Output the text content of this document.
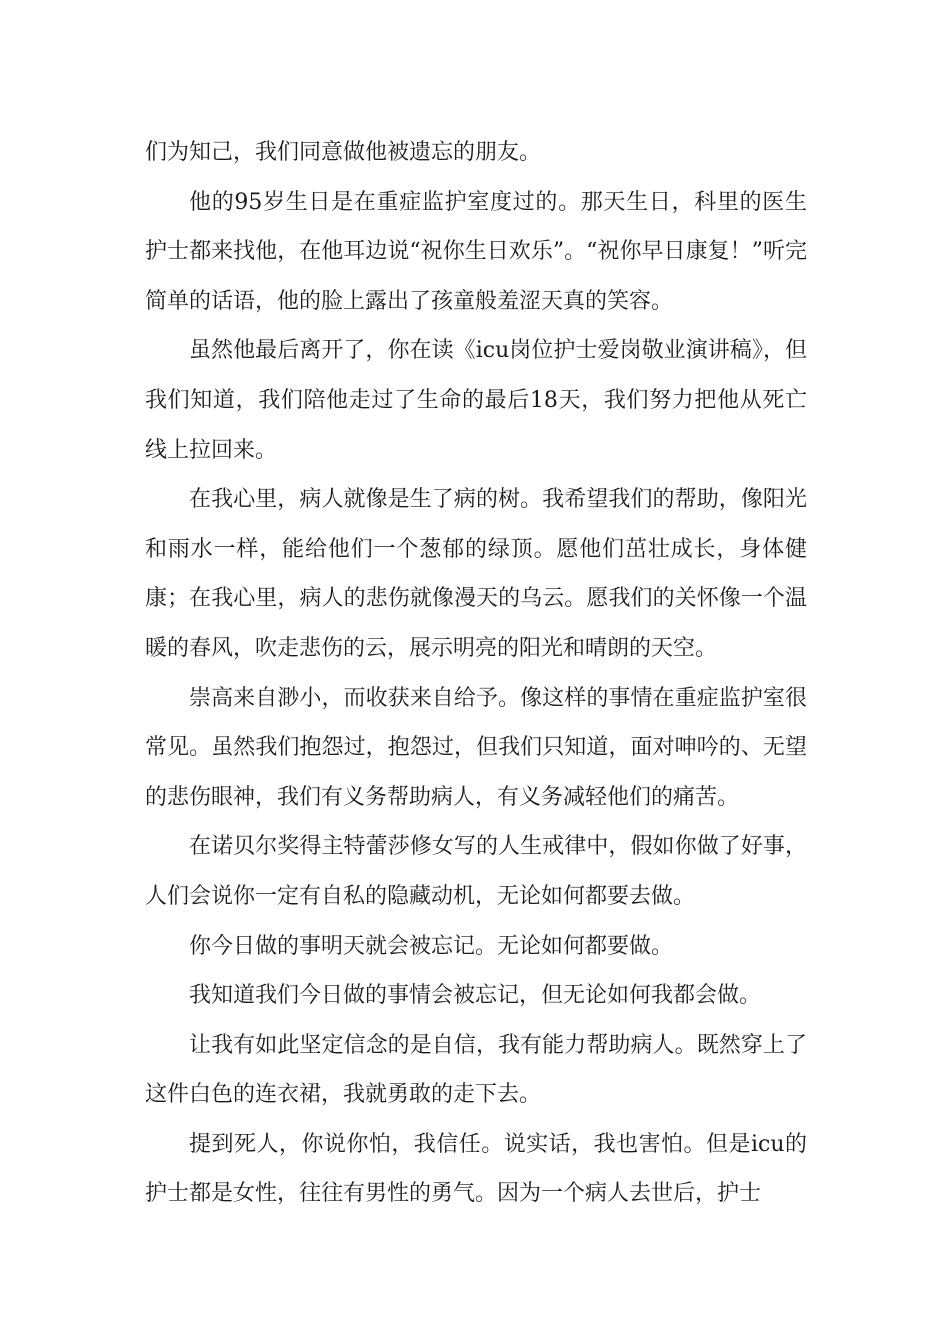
们为知己，我们同意做他被遗忘的朋友。

他的95岁生日是在重症监护室度过的。那天生日，科里的医生护士都来找他，在他耳边说“祝你生日欢乐”。“祝你早日康复！”听完简单的话语，他的脸上露出了孩童般羞涩天真的笑容。

虽然他最后离开了，你在读《icu岗位护士爱岗敬业演讲稿》，但我们知道，我们陪他走过了生命的最后18天，我们努力把他从死亡线上拉回来。

在我心里，病人就像是生了病的树。我希望我们的帮助，像阳光和雨水一样，能给他们一个葱郁的绿顶。愿他们茁壮成长，身体健康；在我心里，病人的悲伤就像漫天的乌云。愿我们的关怀像一个温暖的春风，吹走悲伤的云，展示明亮的阳光和晴朗的天空。

崇高来自渺小，而收获来自给予。像这样的事情在重症监护室很常见。虽然我们抱怨过，抱怨过，但我们只知道，面对呻吟的、无望的悲伤眼神，我们有义务帮助病人，有义务减轻他们的痛苦。

在诺贝尔奖得主特蕾莎修女写的人生戒律中，假如你做了好事，人们会说你一定有自私的隐藏动机，无论如何都要去做。

你今日做的事明天就会被忘记。无论如何都要做。

我知道我们今日做的事情会被忘记，但无论如何我都会做。

让我有如此坚定信念的是自信，我有能力帮助病人。既然穿上了这件白色的连衣裙，我就勇敢的走下去。

提到死人，你说你怕，我信任。说实话，我也害怕。但是icu的护士都是女性，往往有男性的勇气。因为一个病人去世后，护士
